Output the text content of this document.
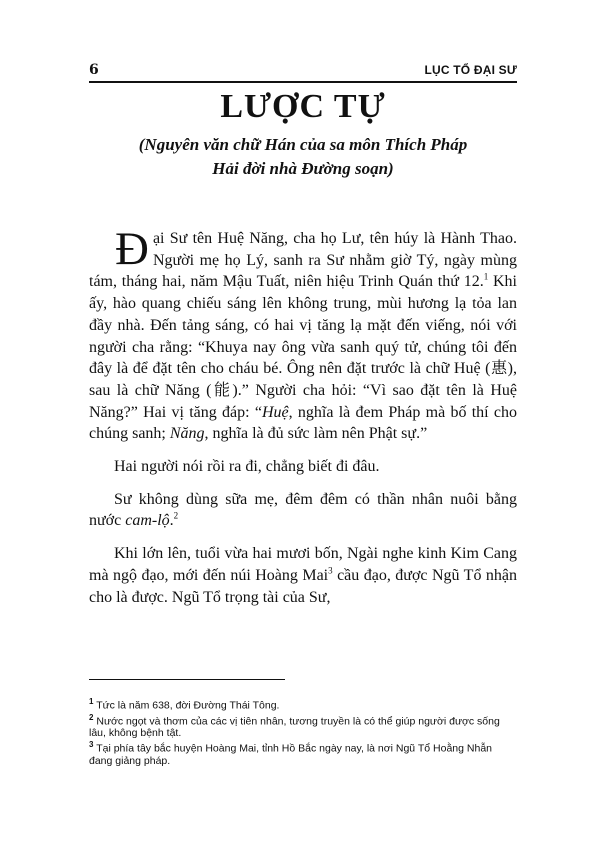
6	LỤC TỔ ĐẠI SƯ
LƯỢC TỰ
(Nguyên văn chữ Hán của sa môn Thích Pháp
Hải đời nhà Đường soạn)

Đại Sư tên Huệ Năng, cha họ Lư, tên húy là Hành Thao. Người mẹ họ Lý, sanh ra Sư nhằm giờ Tý, ngày mùng tám, tháng hai, năm Mậu Tuất, niên hiệu Trinh Quán thứ 12.$^1$ Khi ấy, hào quang chiếu sáng lên không trung, mùi hương lạ tỏa lan đầy nhà. Đến tảng sáng, có hai vị tăng lạ mặt đến viếng, nói với người cha rằng: “Khuya nay ông vừa sanh quý tử, chúng tôi đến đây là để đặt tên cho cháu bé. Ông nên đặt trước là chữ Huệ (惠), sau là chữ Năng (能).” Người cha hỏi: “Vì sao đặt tên là Huệ Năng?” Hai vị tăng đáp: “Huệ, nghĩa là đem Pháp mà bố thí cho chúng sanh; Năng, nghĩa là đủ sức làm nên Phật sự.”

Hai người nói rồi ra đi, chẳng biết đi đâu.

Sư không dùng sữa mẹ, đêm đêm có thần nhân nuôi bằng nước cam-lộ.$^2$

Khi lớn lên, tuổi vừa hai mươi bốn, Ngài nghe kinh Kim Cang mà ngộ đạo, mới đến núi Hoàng Mai$^3$ cầu đạo, được Ngũ Tổ nhận cho là được. Ngũ Tổ trọng tài của Sư,

$^1$ Tức là năm 638, đời Đường Thái Tông.
$^2$ Nước ngọt và thơm của các vị tiên nhân, tương truyền là có thể giúp người được sống lâu, không bệnh tật.
$^3$ Tại phía tây bắc huyện Hoàng Mai, tỉnh Hồ Bắc ngày nay, là nơi Ngũ Tổ Hoằng Nhẫn đang giảng pháp.
